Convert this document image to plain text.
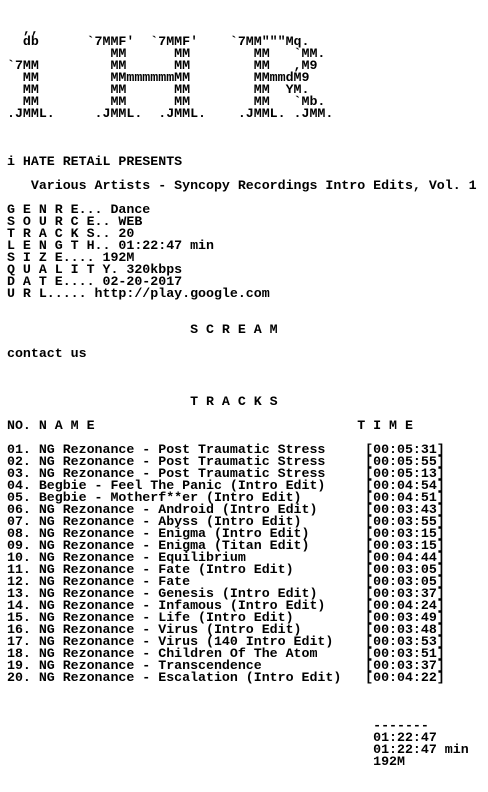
,,
db      `7MMF'  `7MMF'    `7MM"""Mq.
MM      MM        MM   `MM.
`7MM         MM      MM        MM   ,M9
MM         MMmmmmmmMM        MMmmdM9
MM         MM      MM        MM  YM.
MM         MM      MM        MM   `Mb.
.JMML.     .JMML.  .JMML.    .JMML. .JMM.
i HATE RETAiL PRESENTS
Various Artists - Syncopy Recordings Intro Edits, Vol. 1
G E N R E... Dance
S O U R C E.. WEB
T R A C K S.. 20
L E N G T H.. 01:22:47 min
S I Z E.... 192M
Q U A L I T Y. 320kbps
D A T E.... 02-20-2017
U R L..... http://play.google.com
S C R E A M
contact us
T R A C K S
NO. N A M E                                 T I M E
01. NG Rezonance - Post Traumatic Stress     [00:05:31]
02. NG Rezonance - Post Traumatic Stress     [00:05:55]
03. NG Rezonance - Post Traumatic Stress     [00:05:13]
04. Begbie - Feel The Panic (Intro Edit)     [00:04:54]
05. Begbie - Motherf**er (Intro Edit)        [00:04:51]
06. NG Rezonance - Android (Intro Edit)      [00:03:43]
07. NG Rezonance - Abyss (Intro Edit)        [00:03:55]
08. NG Rezonance - Enigma (Intro Edit)       [00:03:15]
09. NG Rezonance - Enigma (Titan Edit)       [00:03:15]
10. NG Rezonance - Equilibrium               [00:04:44]
11. NG Rezonance - Fate (Intro Edit)         [00:03:05]
12. NG Rezonance - Fate                      [00:03:05]
13. NG Rezonance - Genesis (Intro Edit)      [00:03:37]
14. NG Rezonance - Infamous (Intro Edit)     [00:04:24]
15. NG Rezonance - Life (Intro Edit)         [00:03:49]
16. NG Rezonance - Virus (Intro Edit)        [00:03:48]
17. NG Rezonance - Virus (140 Intro Edit)    [00:03:53]
18. NG Rezonance - Children Of The Atom      [00:03:51]
19. NG Rezonance - Transcendence             [00:03:37]
20. NG Rezonance - Escalation (Intro Edit)   [00:04:22]
-------
01:22:47
01:22:47 min
192M
